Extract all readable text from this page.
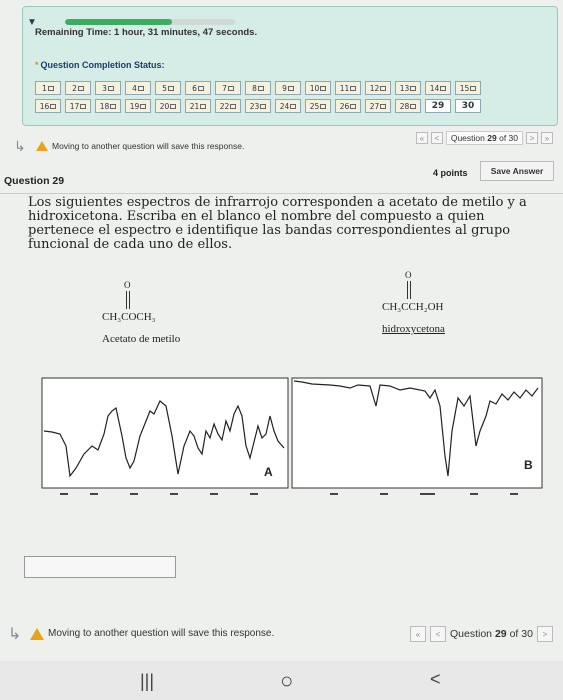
▼
Remaining Time: 1 hour, 31 minutes, 47 seconds.
* Question Completion Status:
1	2	3	4	5	6	7	8	9	10	11	12	13	14	15
16	17	18	19	20	21	22	23	24	25	26	27	28 29 30
↳	Moving to another question will save this response.
«	<	Question 29 of 30	>	»
4 points	Save Answer
Question 29
Los siguientes espectros de infrarrojo corresponden a acetato de metilo y a hidroxicetona. Escriba en el blanco el nombre del compuesto a quien pertenece el espectro e identifique las bandas correspondientes al grupo funcional de cada uno de ellos.
O
CH₃COCH₃
Acetato de metilo
O
CH₃CCH₂OH
hidroxycetona
A	B
↳	Moving to another question will save this response.	«	< Question 29 of 30	>
|||	○	<
